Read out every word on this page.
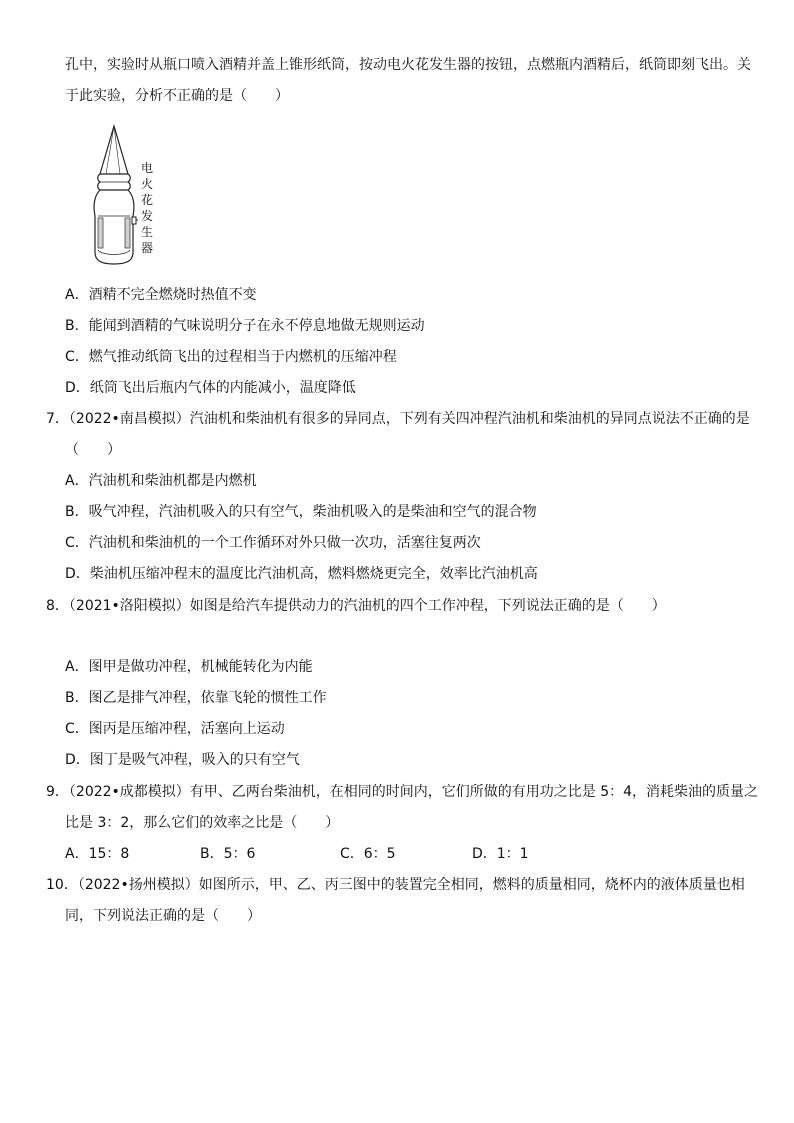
孔中，实验时从瓶口喷入酒精并盖上锥形纸筒，按动电火花发生器的按钮，点燃瓶内酒精后，纸筒即刻飞出。关
于此实验，分析不正确的是（　　）
电火花发生器
A．酒精不完全燃烧时热值不变
B．能闻到酒精的气味说明分子在永不停息地做无规则运动
C．燃气推动纸筒飞出的过程相当于内燃机的压缩冲程
D．纸筒飞出后瓶内气体的内能减小，温度降低
7．（2022•南昌模拟）汽油机和柴油机有很多的异同点，下列有关四冲程汽油机和柴油机的异同点说法不正确的是
（　　）
A．汽油机和柴油机都是内燃机
B．吸气冲程，汽油机吸入的只有空气，柴油机吸入的是柴油和空气的混合物
C．汽油机和柴油机的一个工作循环对外只做一次功，活塞往复两次
D．柴油机压缩冲程末的温度比汽油机高，燃料燃烧更完全，效率比汽油机高
8．（2021•洛阳模拟）如图是给汽车提供动力的汽油机的四个工作冲程，下列说法正确的是（　　）
A．图甲是做功冲程，机械能转化为内能
B．图乙是排气冲程，依靠飞轮的惯性工作
C．图丙是压缩冲程，活塞向上运动
D．图丁是吸气冲程，吸入的只有空气
9．（2022•成都模拟）有甲、乙两台柴油机，在相同的时间内，它们所做的有用功之比是 5：4，消耗柴油的质量之
比是 3：2，那么它们的效率之比是（　　）
A．15：8	B．5：6	C．6：5	D．1：1
10．（2022•扬州模拟）如图所示，甲、乙、丙三图中的装置完全相同，燃料的质量相同，烧杯内的液体质量也相
同，下列说法正确的是（　　）
